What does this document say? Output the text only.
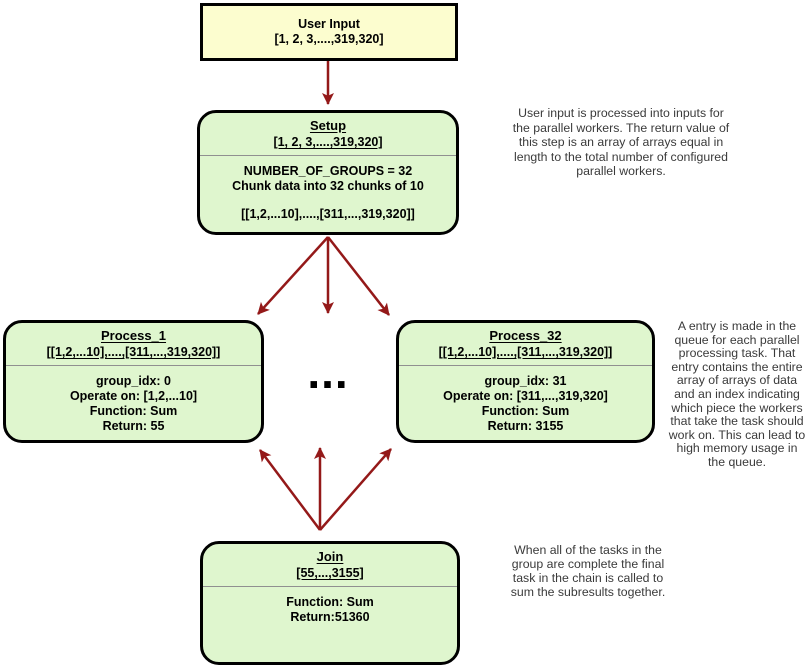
User Input
[1, 2, 3,....,319,320]
Setup
[1, 2, 3,....,319,320]
NUMBER_OF_GROUPS = 32
Chunk data into 32 chunks of 10
[[1,2,...10],....,[311,...,319,320]]
User input is processed into inputs for
the parallel workers. The return value of
this step is an array of arrays equal in
length to the total number of configured
parallel workers.
Process_1
[[1,2,...10],....,[311,...,319,320]]
group_idx: 0
Operate on: [1,2,...10]
Function: Sum
Return: 55
...
Process_32
[[1,2,...10],....,[311,...,319,320]]
group_idx: 31
Operate on: [311,...,319,320]
Function: Sum
Return: 3155
A entry is made in the
queue for each parallel
processing task. That
entry contains the entire
array of arrays of data
and an index indicating
which piece the workers
that take the task should
work on. This can lead to
high memory usage in
the queue.
Join
[55,...,3155]
Function: Sum
Return:51360
When all of the tasks in the
group are complete the final
task in the chain is called to
sum the subresults together.
